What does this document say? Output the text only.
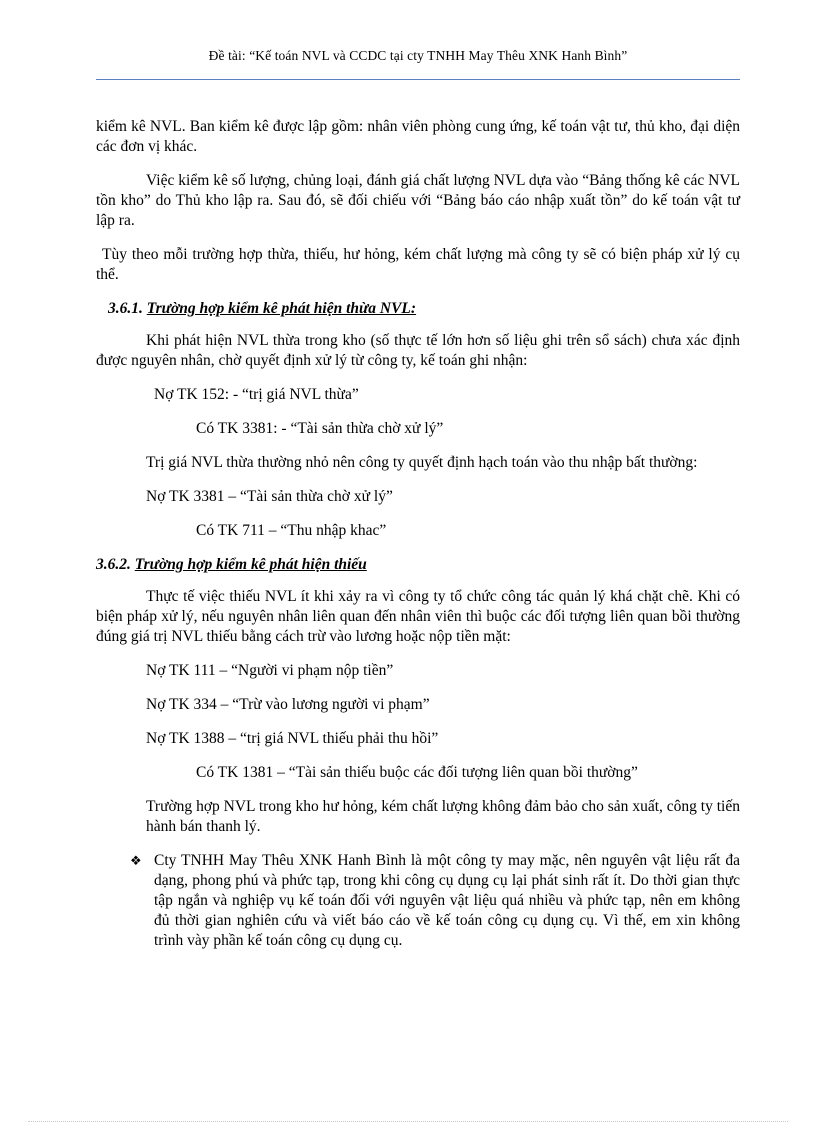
Đề tài: “Kế toán NVL và CCDC tại cty TNHH May Thêu XNK Hanh Bình”

kiểm kê NVL. Ban kiểm kê được lập gồm: nhân viên phòng cung ứng, kế toán vật tư, thủ kho, đại diện các đơn vị khác.

Việc kiểm kê số lượng, chủng loại, đánh giá chất lượng NVL dựa vào “Bảng thống kê các NVL tồn kho” do Thủ kho lập ra. Sau đó, sẽ đối chiếu với “Bảng báo cáo nhập xuất tồn” do kế toán vật tư lập ra.

Tùy theo mỗi trường hợp thừa, thiếu, hư hỏng, kém chất lượng mà công ty sẽ có biện pháp xử lý cụ thể.

3.6.1. Trường hợp kiểm kê phát hiện thừa NVL:

Khi phát hiện NVL thừa trong kho (số thực tế lớn hơn số liệu ghi trên sổ sách) chưa xác định được nguyên nhân, chờ quyết định xử lý từ công ty, kế toán ghi nhận:

Nợ TK 152: - “trị giá NVL thừa”
Có TK 3381: - “Tài sản thừa chờ xử lý”

Trị giá NVL thừa thường nhỏ nên công ty quyết định hạch toán vào thu nhập bất thường:

Nợ TK 3381 – “Tài sản thừa chờ xử lý”
Có TK 711 – “Thu nhập khac”
3.6.2. Trường hợp kiểm kê phát hiện thiếu

Thực tế việc thiếu NVL ít khi xảy ra vì công ty tổ chức công tác quản lý khá chặt chẽ. Khi có biện pháp xử lý, nếu nguyên nhân liên quan đến nhân viên thì buộc các đối tượng liên quan bồi thường đúng giá trị NVL thiếu bằng cách trừ vào lương hoặc nộp tiền mặt:

Nợ TK 111 – “Người vi phạm nộp tiền”
Nợ TK 334 – “Trừ vào lương người vi phạm”
Nợ TK 1388 – “trị giá NVL thiếu phải thu hồi”
Có TK 1381 – “Tài sản thiếu buộc các đối tượng liên quan bồi thường”

Trường hợp NVL trong kho hư hỏng, kém chất lượng không đảm bảo cho sản xuất, công ty tiến hành bán thanh lý.

❖ Cty TNHH May Thêu XNK Hanh Bình là một công ty may mặc, nên nguyên vật liệu rất đa dạng, phong phú và phức tạp, trong khi công cụ dụng cụ lại phát sinh rất ít. Do thời gian thực tập ngắn và nghiệp vụ kế toán đối với nguyên vật liệu quá nhiều và phức tạp, nên em không đủ thời gian nghiên cứu và viết báo cáo về kế toán công cụ dụng cụ. Vì thế, em xin không trình vày phần kế toán công cụ dụng cụ.
